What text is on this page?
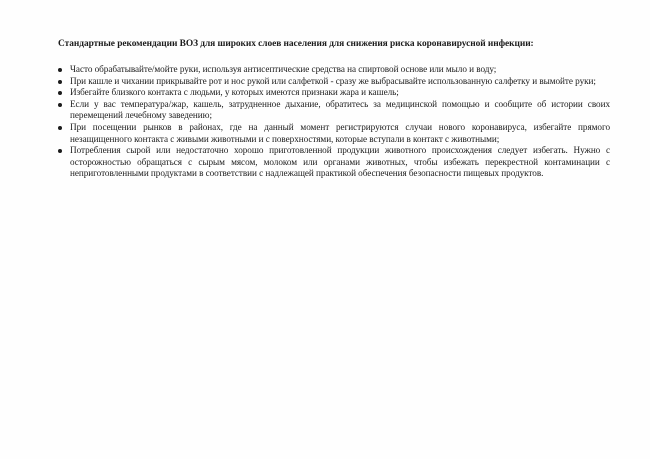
Стандартные рекомендации ВОЗ для широких слоев населения для снижения риска коронавирусной инфекции:
Часто обрабатывайте/мойте руки, используя антисептические средства на спиртовой основе или мыло и воду;
При кашле и чихании прикрывайте рот и нос рукой или салфеткой - сразу же выбрасывайте использованную салфетку и вымойте руки;
Избегайте близкого контакта с людьми, у которых имеются признаки жара и кашель;
Если у вас температура/жар, кашель, затрудненное дыхание, обратитесь за медицинской помощью и сообщите об истории своих перемещений лечебному заведению;
При посещении рынков в районах, где на данный момент регистрируются случаи нового коронавируса, избегайте прямого незащищенного контакта с живыми животными и с поверхностями, которые вступали в контакт с животными;
Потребления сырой или недостаточно хорошо приготовленной продукции животного происхождения следует избегать. Нужно с осторожностью обращаться с сырым мясом, молоком или органами животных, чтобы избежать перекрестной контаминации с неприготовленными продуктами в соответствии с надлежащей практикой обеспечения безопасности пищевых продуктов.
